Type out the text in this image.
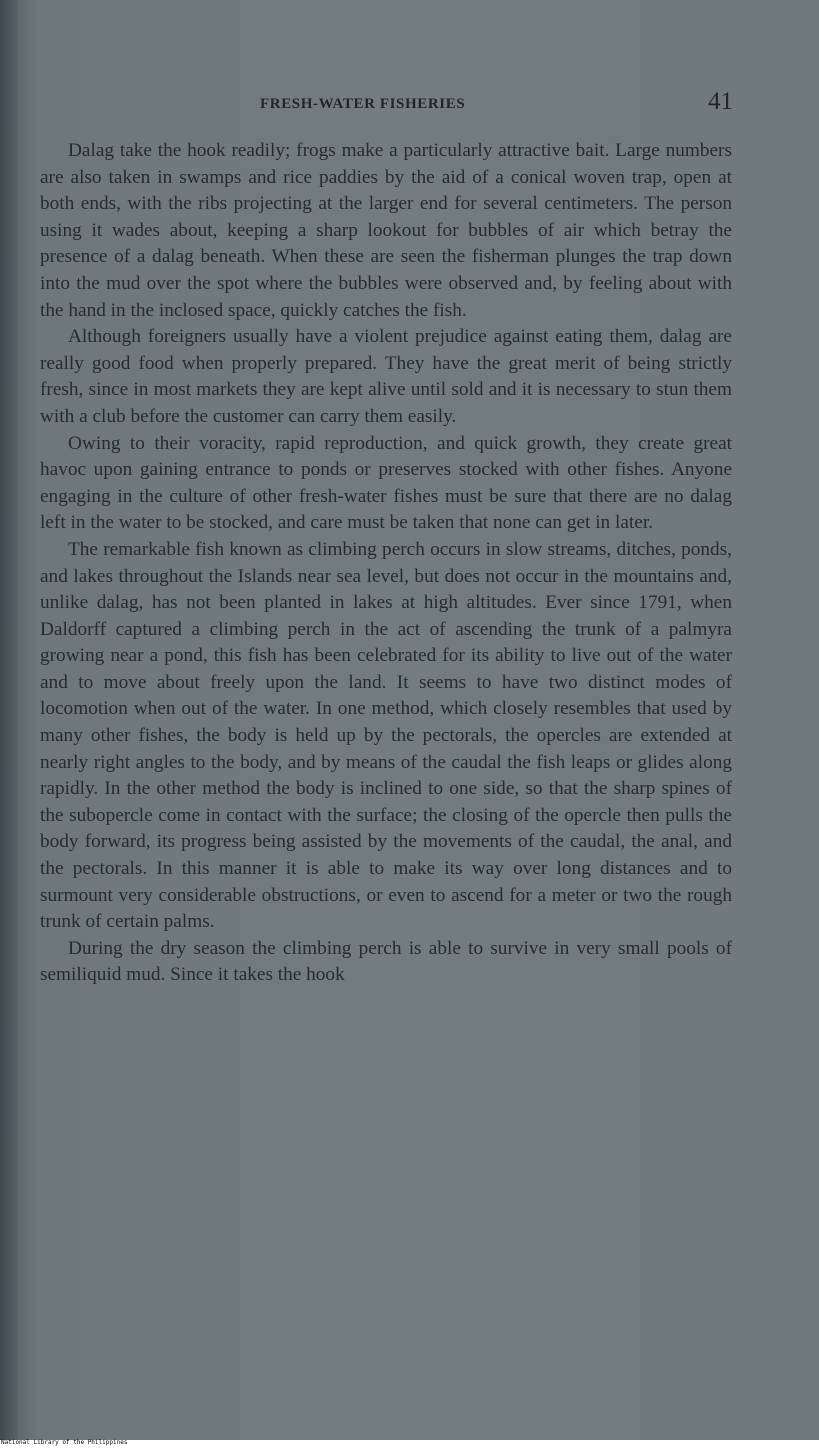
FRESH-WATER FISHERIES	41

Dalag take the hook readily; frogs make a particularly attractive bait. Large numbers are also taken in swamps and rice paddies by the aid of a conical woven trap, open at both ends, with the ribs projecting at the larger end for several centimeters. The person using it wades about, keeping a sharp lookout for bubbles of air which betray the presence of a dalag beneath. When these are seen the fisherman plunges the trap down into the mud over the spot where the bubbles were observed and, by feeling about with the hand in the inclosed space, quickly catches the fish.

Although foreigners usually have a violent prejudice against eating them, dalag are really good food when properly prepared. They have the great merit of being strictly fresh, since in most markets they are kept alive until sold and it is necessary to stun them with a club before the customer can carry them easily.

Owing to their voracity, rapid reproduction, and quick growth, they create great havoc upon gaining entrance to ponds or preserves stocked with other fishes. Anyone engaging in the culture of other fresh-water fishes must be sure that there are no dalag left in the water to be stocked, and care must be taken that none can get in later.

The remarkable fish known as climbing perch occurs in slow streams, ditches, ponds, and lakes throughout the Islands near sea level, but does not occur in the mountains and, unlike dalag, has not been planted in lakes at high altitudes. Ever since 1791, when Daldorff captured a climbing perch in the act of ascending the trunk of a palmyra growing near a pond, this fish has been celebrated for its ability to live out of the water and to move about freely upon the land. It seems to have two distinct modes of locomotion when out of the water. In one method, which closely resembles that used by many other fishes, the body is held up by the pectorals, the opercles are extended at nearly right angles to the body, and by means of the caudal the fish leaps or glides along rapidly. In the other method the body is inclined to one side, so that the sharp spines of the subopercle come in contact with the surface; the closing of the opercle then pulls the body forward, its progress being assisted by the movements of the caudal, the anal, and the pectorals. In this manner it is able to make its way over long distances and to surmount very considerable obstructions, or even to ascend for a meter or two the rough trunk of certain palms.

During the dry season the climbing perch is able to survive in very small pools of semiliquid mud. Since it takes the hook

National Library of the Philippines
